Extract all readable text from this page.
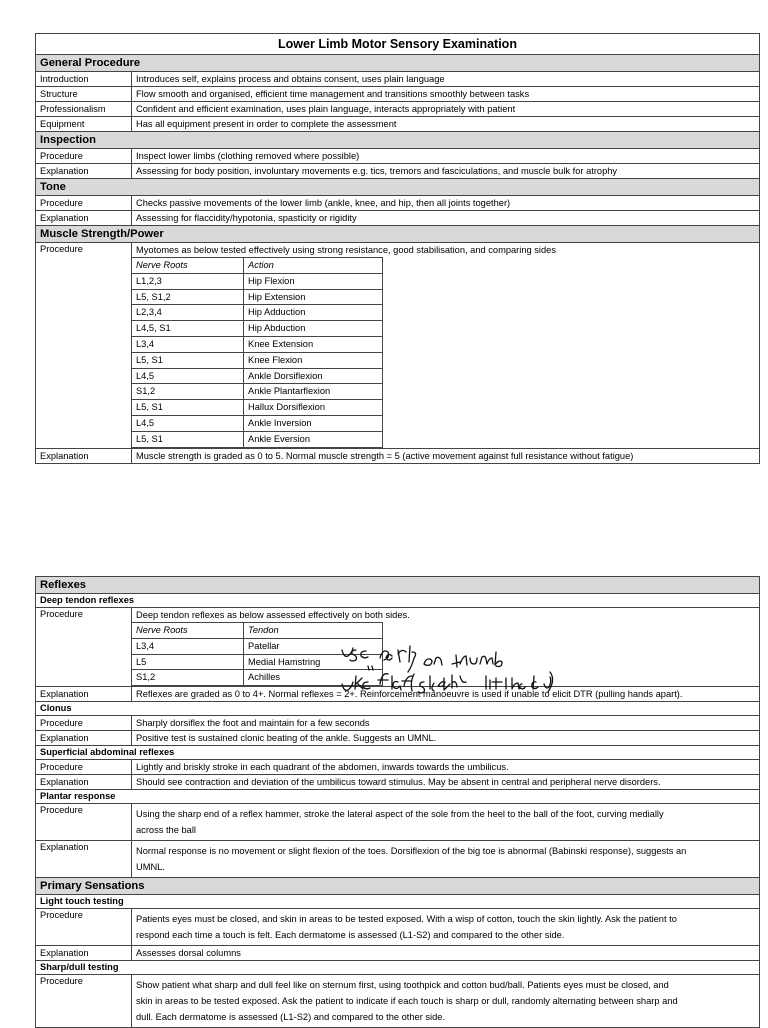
Lower Limb Motor Sensory Examination
General Procedure
Introduction	Introduces self, explains process and obtains consent, uses plain language
Structure	Flow smooth and organised, efficient time management and transitions smoothly between tasks
Professionalism	Confident and efficient examination, uses plain language, interacts appropriately with patient
Equipment	Has all equipment present in order to complete the assessment
Inspection
Procedure	Inspect lower limbs (clothing removed where possible)
Explanation	Assessing for body position, involuntary movements e.g. tics, tremors and fasciculations, and muscle bulk for atrophy
Tone
Procedure	Checks passive movements of the lower limb (ankle, knee, and hip, then all joints together)
Explanation	Assessing for flaccidity/hypotonia, spasticity or rigidity
Muscle Strength/Power
Procedure	Myotomes as below tested effectively using strong resistance, good stabilisation, and comparing sides
Nerve Roots	Action
L1,2,3	Hip Flexion
L5, S1,2	Hip Extension
L2,3,4	Hip Adduction
L4,5, S1	Hip Abduction
L3,4	Knee Extension
L5, S1	Knee Flexion
L4,5	Ankle Dorsiflexion
S1,2	Ankle Plantarflexion
L5, S1	Hallux Dorsiflexion
L4,5	Ankle Inversion
L5, S1	Ankle Eversion

Explanation	Muscle strength is graded as 0 to 5. Normal muscle strength = 5 (active movement against full resistance without fatigue)
Reflexes
Deep tendon reflexes
Procedure	Deep tendon reflexes as below assessed effectively on both sides.
Nerve Roots	Tendon
L3,4	Patellar
L5	Medial Hamstring
S1,2	Achilles

Explanation	Reflexes are graded as 0 to 4+. Normal reflexes = 2+. Reinforcement manoeuvre is used if unable to elicit DTR (pulling hands apart).
Clonus
Procedure	Sharply dorsiflex the foot and maintain for a few seconds
Explanation	Positive test is sustained clonic beating of the ankle. Suggests an UMNL.
Superficial abdominal reflexes
Procedure	Lightly and briskly stroke in each quadrant of the abdomen, inwards towards the umbilicus.
Explanation	Should see contraction and deviation of the umbilicus toward stimulus. May be absent in central and peripheral nerve disorders.
Plantar response
Procedure	Using the sharp end of a reflex hammer, stroke the lateral aspect of the sole from the heel to the ball of the foot, curving medially
across the ball

Explanation	Normal response is no movement or slight flexion of the toes. Dorsiflexion of the big toe is abnormal (Babinski response), suggests an
UMNL.

Primary Sensations
Light touch testing
Procedure	Patients eyes must be closed, and skin in areas to be tested exposed. With a wisp of cotton, touch the skin lightly. Ask the patient to
respond each time a touch is felt. Each dermatome is assessed (L1-S2) and compared to the other side.

Explanation	Assesses dorsal columns
Sharp/dull testing
Procedure	Show patient what sharp and dull feel like on sternum first, using toothpick and cotton bud/ball. Patients eyes must be closed, and
skin in areas to be tested exposed. Ask the patient to indicate if each touch is sharp or dull, randomly alternating between sharp and
dull. Each dermatome is assessed (L1-S2) and compared to the other side.
